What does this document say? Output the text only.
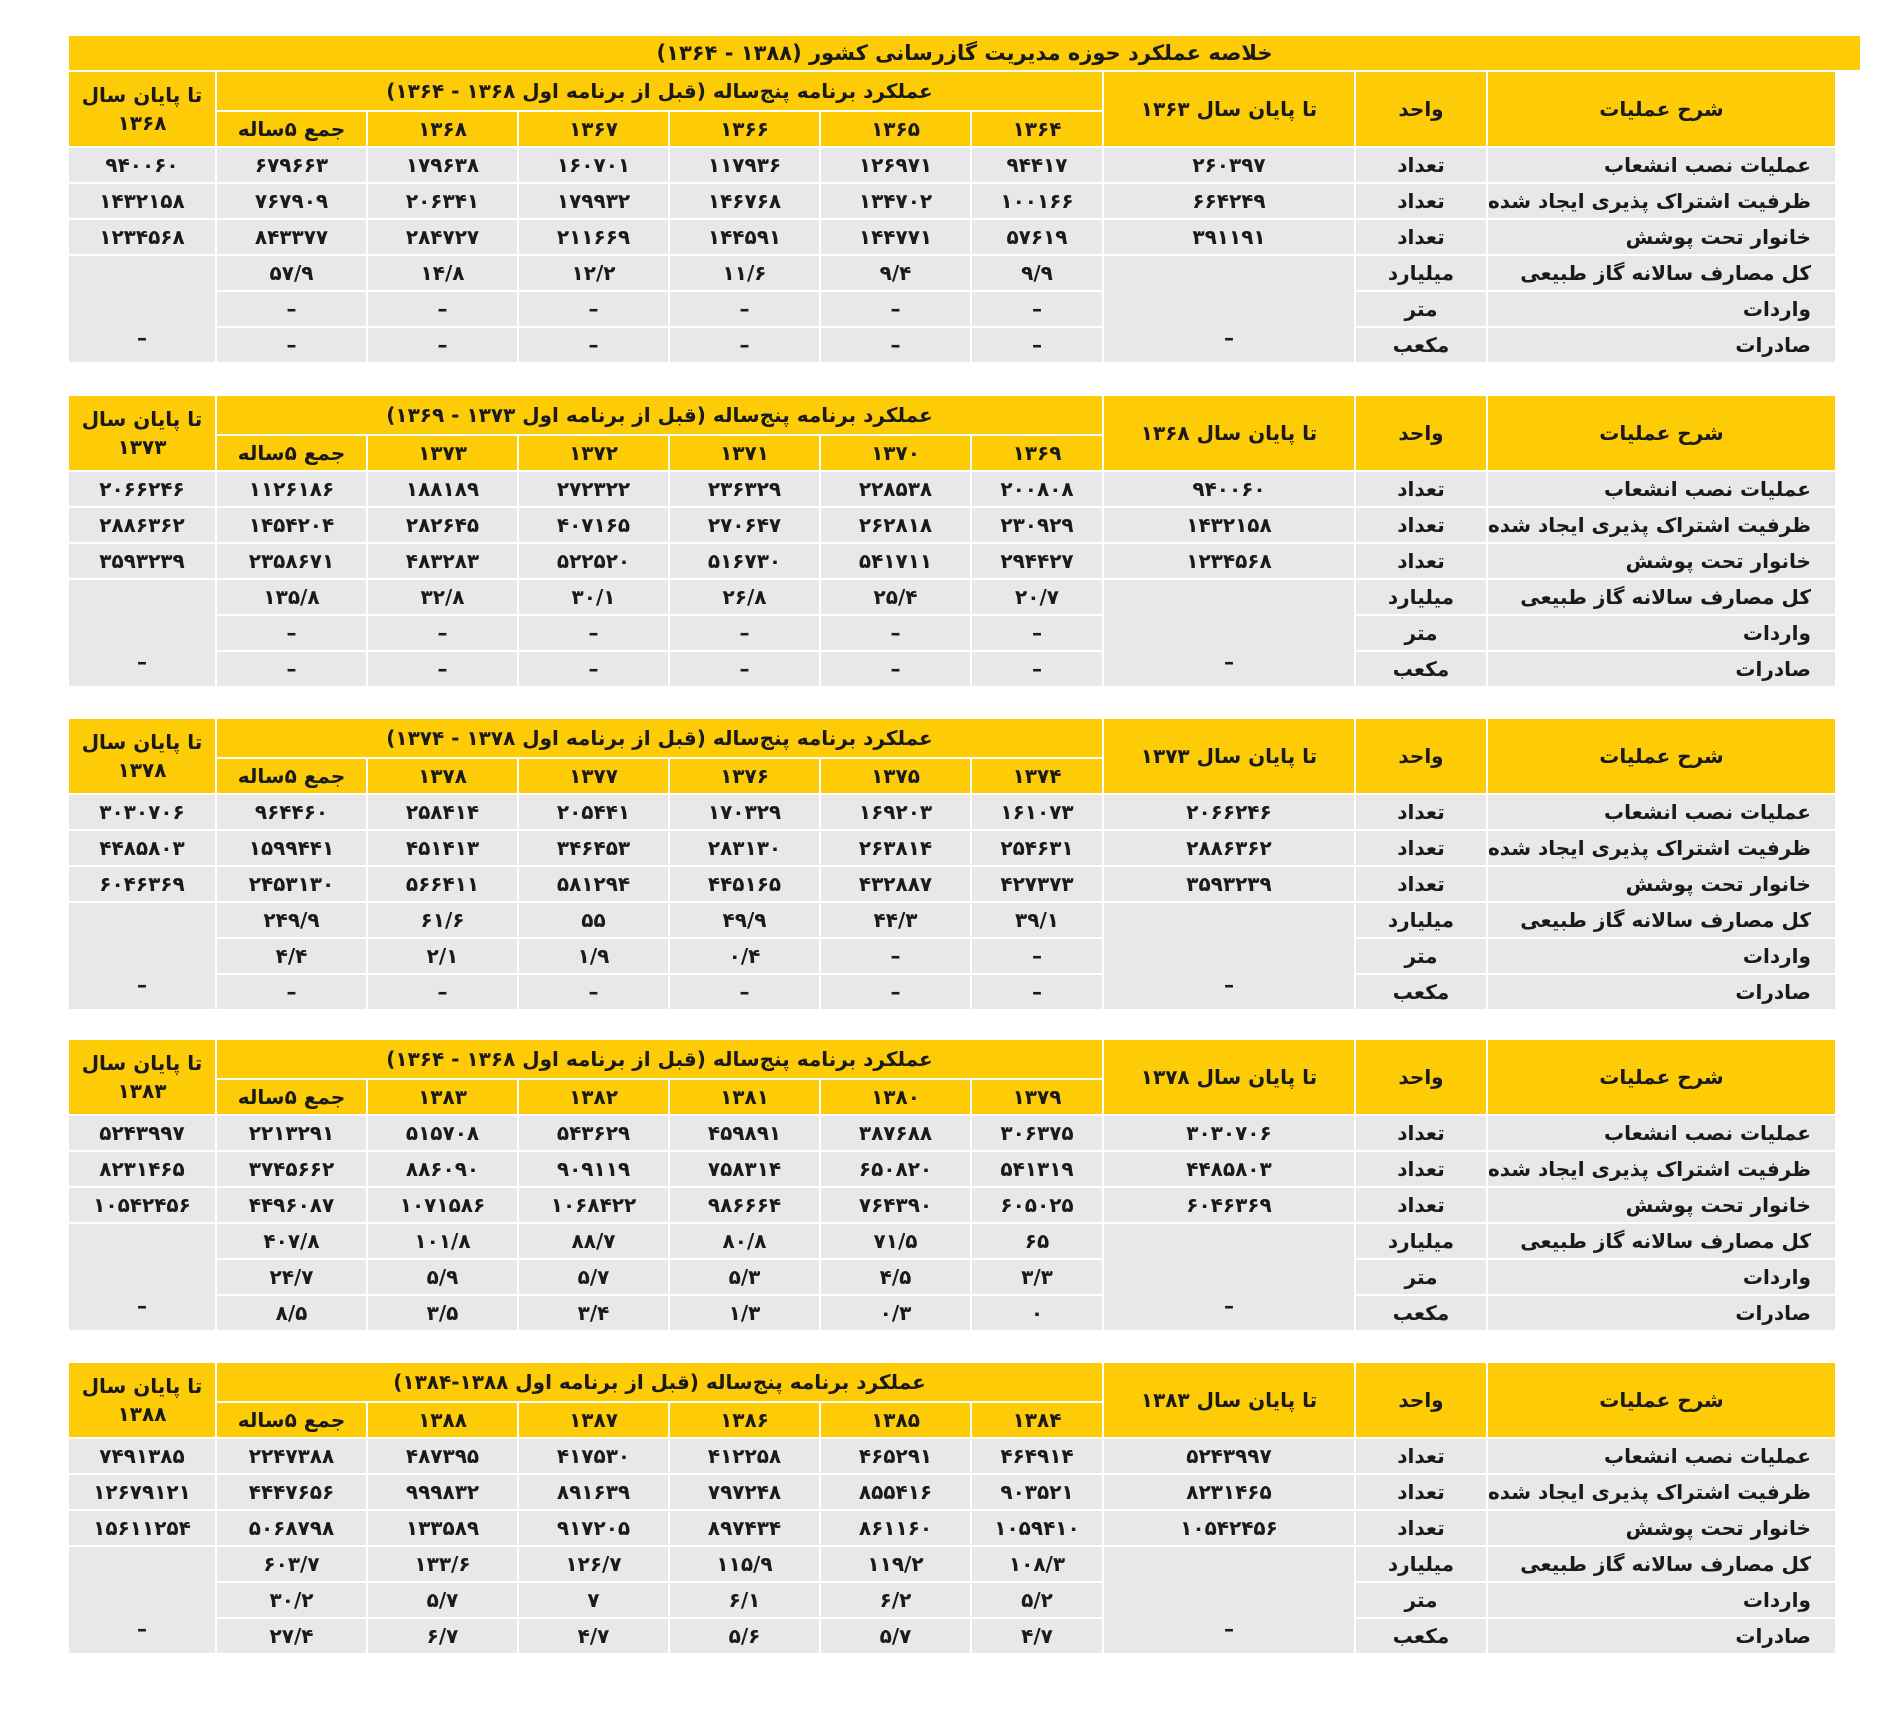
خلاصه عملکرد حوزه مدیریت گازرسانی کشور (۱۳۸۸ - ۱۳۶۴)
شرح عملیات	واحد	تا پایان سال ۱۳۶۳	عملکرد برنامه پنج‌ساله (قبل از برنامه اول ۱۳۶۸ - ۱۳۶۴)						تا پایان سال ۱۳۶۸
			۱۳۶۴	۱۳۶۵	۱۳۶۶	۱۳۶۷	۱۳۶۸	جمع ۵ساله	
عملیات نصب انشعاب	تعداد	۲۶۰۳۹۷	۹۴۴۱۷	۱۲۶۹۷۱	۱۱۷۹۳۶	۱۶۰۷۰۱	۱۷۹۶۳۸	۶۷۹۶۶۳	۹۴۰۰۶۰
ظرفیت اشتراک پذیری ایجاد شده	تعداد	۶۶۴۲۴۹	۱۰۰۱۶۶	۱۳۴۷۰۲	۱۴۶۷۶۸	۱۷۹۹۳۲	۲۰۶۳۴۱	۷۶۷۹۰۹	۱۴۳۲۱۵۸
خانوار تحت پوشش	تعداد	۳۹۱۱۹۱	۵۷۶۱۹	۱۴۴۷۷۱	۱۴۴۵۹۱	۲۱۱۶۶۹	۲۸۴۷۲۷	۸۴۳۳۷۷	۱۲۳۴۵۶۸
کل مصارف سالانه گاز طبیعی	میلیارد	–	۹/۹	۹/۴	۱۱/۶	۱۲/۲	۱۴/۸	۵۷/۹	–
واردات	متر		–	–	–	–	–	–	
صادرات	مکعب		–	–	–	–	–	–	
شرح عملیات	واحد	تا پایان سال ۱۳۶۸	عملکرد برنامه پنج‌ساله (قبل از برنامه اول ۱۳۷۳ - ۱۳۶۹)						تا پایان سال ۱۳۷۳
			۱۳۶۹	۱۳۷۰	۱۳۷۱	۱۳۷۲	۱۳۷۳	جمع ۵ساله	
عملیات نصب انشعاب	تعداد	۹۴۰۰۶۰	۲۰۰۸۰۸	۲۲۸۵۳۸	۲۳۶۳۲۹	۲۷۲۳۲۲	۱۸۸۱۸۹	۱۱۲۶۱۸۶	۲۰۶۶۲۴۶
ظرفیت اشتراک پذیری ایجاد شده	تعداد	۱۴۳۲۱۵۸	۲۳۰۹۲۹	۲۶۲۸۱۸	۲۷۰۶۴۷	۴۰۷۱۶۵	۲۸۲۶۴۵	۱۴۵۴۲۰۴	۲۸۸۶۳۶۲
خانوار تحت پوشش	تعداد	۱۲۳۴۵۶۸	۲۹۴۴۲۷	۵۴۱۷۱۱	۵۱۶۷۳۰	۵۲۲۵۲۰	۴۸۳۲۸۳	۲۳۵۸۶۷۱	۳۵۹۳۲۳۹
کل مصارف سالانه گاز طبیعی	میلیارد	–	۲۰/۷	۲۵/۴	۲۶/۸	۳۰/۱	۳۲/۸	۱۳۵/۸	–
واردات	متر		–	–	–	–	–	–	
صادرات	مکعب		–	–	–	–	–	–	
شرح عملیات	واحد	تا پایان سال ۱۳۷۳	عملکرد برنامه پنج‌ساله (قبل از برنامه اول ۱۳۷۸ - ۱۳۷۴)						تا پایان سال ۱۳۷۸
			۱۳۷۴	۱۳۷۵	۱۳۷۶	۱۳۷۷	۱۳۷۸	جمع ۵ساله	
عملیات نصب انشعاب	تعداد	۲۰۶۶۲۴۶	۱۶۱۰۷۳	۱۶۹۲۰۳	۱۷۰۳۲۹	۲۰۵۴۴۱	۲۵۸۴۱۴	۹۶۴۴۶۰	۳۰۳۰۷۰۶
ظرفیت اشتراک پذیری ایجاد شده	تعداد	۲۸۸۶۳۶۲	۲۵۴۶۳۱	۲۶۳۸۱۴	۲۸۳۱۳۰	۳۴۶۴۵۳	۴۵۱۴۱۳	۱۵۹۹۴۴۱	۴۴۸۵۸۰۳
خانوار تحت پوشش	تعداد	۳۵۹۳۲۳۹	۴۲۷۳۷۳	۴۳۲۸۸۷	۴۴۵۱۶۵	۵۸۱۲۹۴	۵۶۶۴۱۱	۲۴۵۳۱۳۰	۶۰۴۶۳۶۹
کل مصارف سالانه گاز طبیعی	میلیارد	–	۳۹/۱	۴۴/۳	۴۹/۹	۵۵	۶۱/۶	۲۴۹/۹	–
واردات	متر		–	–	۰/۴	۱/۹	۲/۱	۴/۴	
صادرات	مکعب		–	–	–	–	–	–	
شرح عملیات	واحد	تا پایان سال ۱۳۷۸	عملکرد برنامه پنج‌ساله (قبل از برنامه اول ۱۳۶۸ - ۱۳۶۴)						تا پایان سال ۱۳۸۳
			۱۳۷۹	۱۳۸۰	۱۳۸۱	۱۳۸۲	۱۳۸۳	جمع ۵ساله	
عملیات نصب انشعاب	تعداد	۳۰۳۰۷۰۶	۳۰۶۳۷۵	۳۸۷۶۸۸	۴۵۹۸۹۱	۵۴۳۶۲۹	۵۱۵۷۰۸	۲۲۱۳۲۹۱	۵۲۴۳۹۹۷
ظرفیت اشتراک پذیری ایجاد شده	تعداد	۴۴۸۵۸۰۳	۵۴۱۳۱۹	۶۵۰۸۲۰	۷۵۸۳۱۴	۹۰۹۱۱۹	۸۸۶۰۹۰	۳۷۴۵۶۶۲	۸۲۳۱۴۶۵
خانوار تحت پوشش	تعداد	۶۰۴۶۳۶۹	۶۰۵۰۲۵	۷۶۴۳۹۰	۹۸۶۶۶۴	۱۰۶۸۴۲۲	۱۰۷۱۵۸۶	۴۴۹۶۰۸۷	۱۰۵۴۲۴۵۶
کل مصارف سالانه گاز طبیعی	میلیارد	–	۶۵	۷۱/۵	۸۰/۸	۸۸/۷	۱۰۱/۸	۴۰۷/۸	–
واردات	متر		۳/۳	۴/۵	۵/۳	۵/۷	۵/۹	۲۴/۷	
صادرات	مکعب		۰	۰/۳	۱/۳	۳/۴	۳/۵	۸/۵	
شرح عملیات	واحد	تا پایان سال ۱۳۸۳	عملکرد برنامه پنج‌ساله (قبل از برنامه اول ۱۳۸۸-۱۳۸۴)						تا پایان سال ۱۳۸۸
			۱۳۸۴	۱۳۸۵	۱۳۸۶	۱۳۸۷	۱۳۸۸	جمع ۵ساله	
عملیات نصب انشعاب	تعداد	۵۲۴۳۹۹۷	۴۶۴۹۱۴	۴۶۵۲۹۱	۴۱۲۲۵۸	۴۱۷۵۳۰	۴۸۷۳۹۵	۲۲۴۷۳۸۸	۷۴۹۱۳۸۵
ظرفیت اشتراک پذیری ایجاد شده	تعداد	۸۲۳۱۴۶۵	۹۰۳۵۲۱	۸۵۵۴۱۶	۷۹۷۲۴۸	۸۹۱۶۳۹	۹۹۹۸۳۲	۴۴۴۷۶۵۶	۱۲۶۷۹۱۲۱
خانوار تحت پوشش	تعداد	۱۰۵۴۲۴۵۶	۱۰۵۹۴۱۰	۸۶۱۱۶۰	۸۹۷۴۳۴	۹۱۷۲۰۵	۱۳۳۵۸۹	۵۰۶۸۷۹۸	۱۵۶۱۱۲۵۴
کل مصارف سالانه گاز طبیعی	میلیارد	–	۱۰۸/۳	۱۱۹/۲	۱۱۵/۹	۱۲۶/۷	۱۳۳/۶	۶۰۳/۷	–
واردات	متر		۵/۲	۶/۲	۶/۱	۷	۵/۷	۳۰/۲	
صادرات	مکعب		۴/۷	۵/۷	۵/۶	۴/۷	۶/۷	۲۷/۴	
